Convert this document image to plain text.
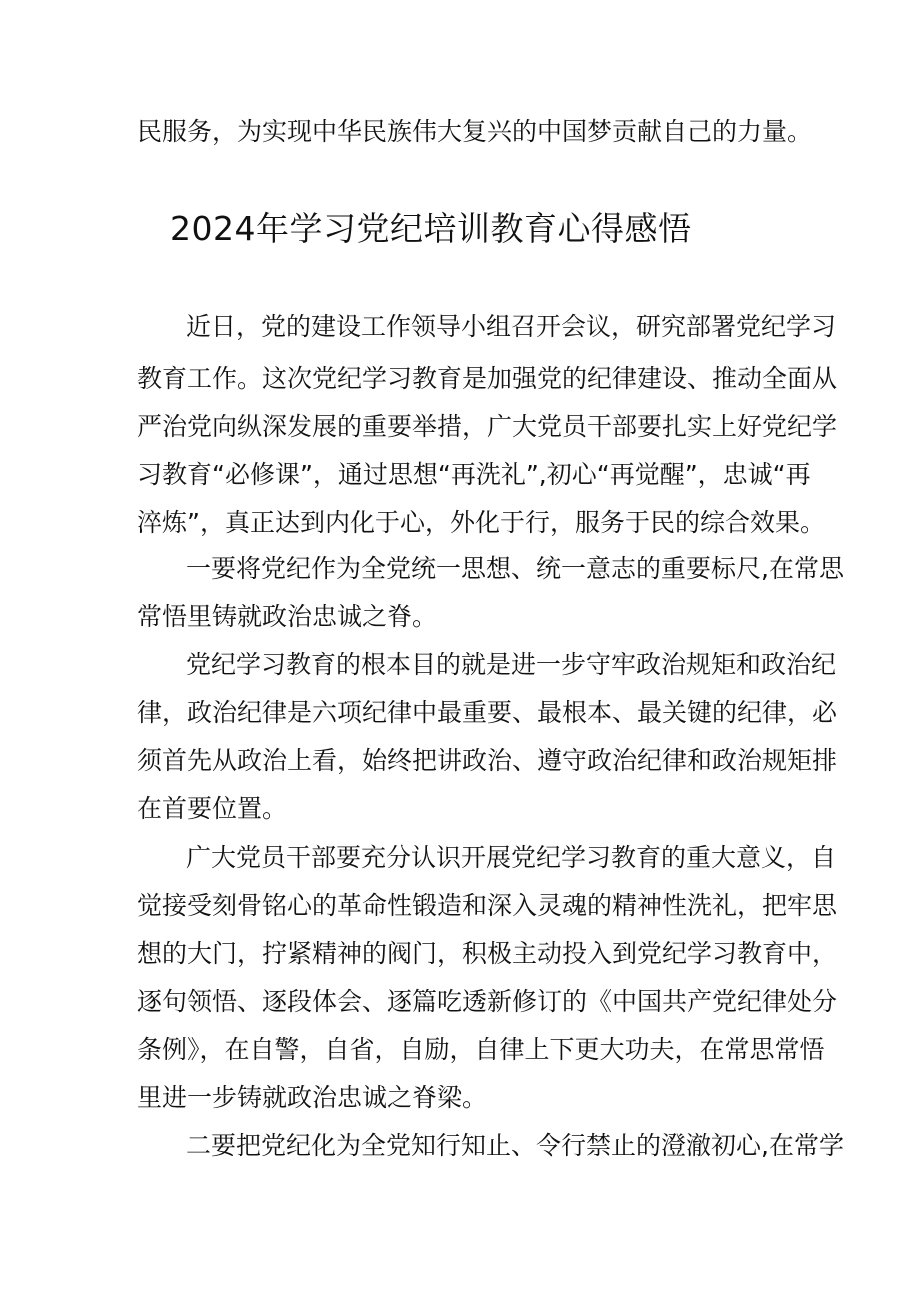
民服务，为实现中华民族伟大复兴的中国梦贡献自己的力量。
2024年学习党纪培训教育心得感悟
近日，党的建设工作领导小组召开会议，研究部署党纪学习
教育工作。这次党纪学习教育是加强党的纪律建设、推动全面从
严治党向纵深发展的重要举措，广大党员干部要扎实上好党纪学
习教育“必修课”，通过思想“再洗礼”,初心“再觉醒”，忠诚“再
淬炼”，真正达到内化于心，外化于行，服务于民的综合效果。
一要将党纪作为全党统一思想、统一意志的重要标尺,在常思
常悟里铸就政治忠诚之脊。
党纪学习教育的根本目的就是进一步守牢政治规矩和政治纪
律，政治纪律是六项纪律中最重要、最根本、最关键的纪律，必
须首先从政治上看，始终把讲政治、遵守政治纪律和政治规矩排
在首要位置。
广大党员干部要充分认识开展党纪学习教育的重大意义，自
觉接受刻骨铭心的革命性锻造和深入灵魂的精神性洗礼，把牢思
想的大门，拧紧精神的阀门，积极主动投入到党纪学习教育中，
逐句领悟、逐段体会、逐篇吃透新修订的《中国共产党纪律处分
条例》，在自警，自省，自励，自律上下更大功夫，在常思常悟
里进一步铸就政治忠诚之脊梁。
二要把党纪化为全党知行知止、令行禁止的澄澈初心,在常学
